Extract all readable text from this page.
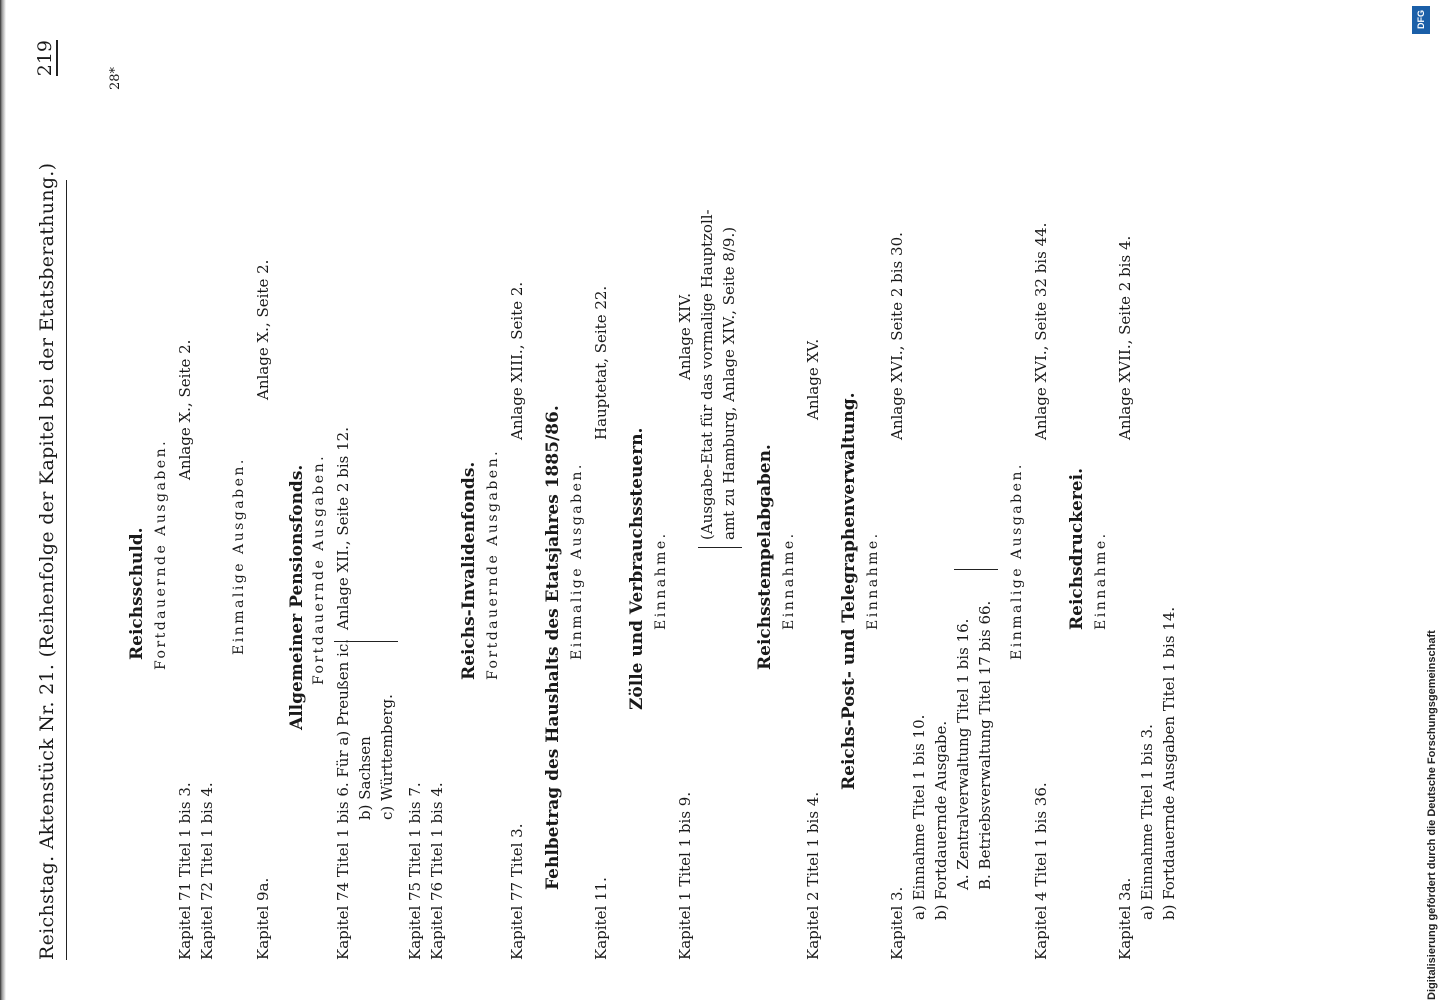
Reichstag. Aktenstück Nr. 21. (Reihenfolge der Kapitel bei der Etatsberathung.)
219
28*
Reichsschuld. Fortdauernde Ausgaben.
Kapitel 71 Titel 1 bis 3.
Anlage X., Seite 2.
Kapitel 72 Titel 1 bis 4.
Einmalige Ausgaben.
Kapitel 9a.
Anlage X., Seite 2.
Allgemeiner Pensionsfonds. Fortdauernde Ausgaben.
Kapitel 74 Titel 1 bis 6. Für a) Preußen ic.
Anlage XII., Seite 2 bis 12.
b) Sachsen c) Württemberg.
Kapitel 75 Titel 1 bis 7. Kapitel 76 Titel 1 bis 4.
Reichs-Invalidenfonds. Fortdauernde Ausgaben.
Kapitel 77 Titel 3.
Anlage XIII., Seite 2.
Fehlbetrag des Haushalts des Etatsjahres 1885/86. Einmalige Ausgaben.
Kapitel 11.
Hauptetat, Seite 22.
Zölle und Verbrauchssteuern. Einnahme.
Kapitel 1 Titel 1 bis 9.
Anlage XIV. (Ausgabe-Etat für das vormalige Hauptzoll- amt zu Hamburg, Anlage XIV., Seite 8/9.)
Reichsstempelabgaben. Einnahme.
Kapitel 2 Titel 1 bis 4.
Anlage XV.
Reichs-Post- und Telegraphenverwaltung. Einnahme.
Kapitel 3.
Anlage XVI., Seite 2 bis 30.
a) Einnahme Titel 1 bis 10. b) Fortdauernde Ausgabe. A. Zentralverwaltung Titel 1 bis 16. B. Betriebsverwaltung Titel 17 bis 66.
Einmalige Ausgaben.
Kapitel 4 Titel 1 bis 36.
Anlage XVI., Seite 32 bis 44.
Reichsdruckerei. Einnahme.
Kapitel 3a.
Anlage XVII., Seite 2 bis 4.
a) Einnahme Titel 1 bis 3. b) Fortdauernde Ausgaben Titel 1 bis 14.
DFG
Digitalisierung gefördert durch die Deutsche Forschungsgemeinschaft
